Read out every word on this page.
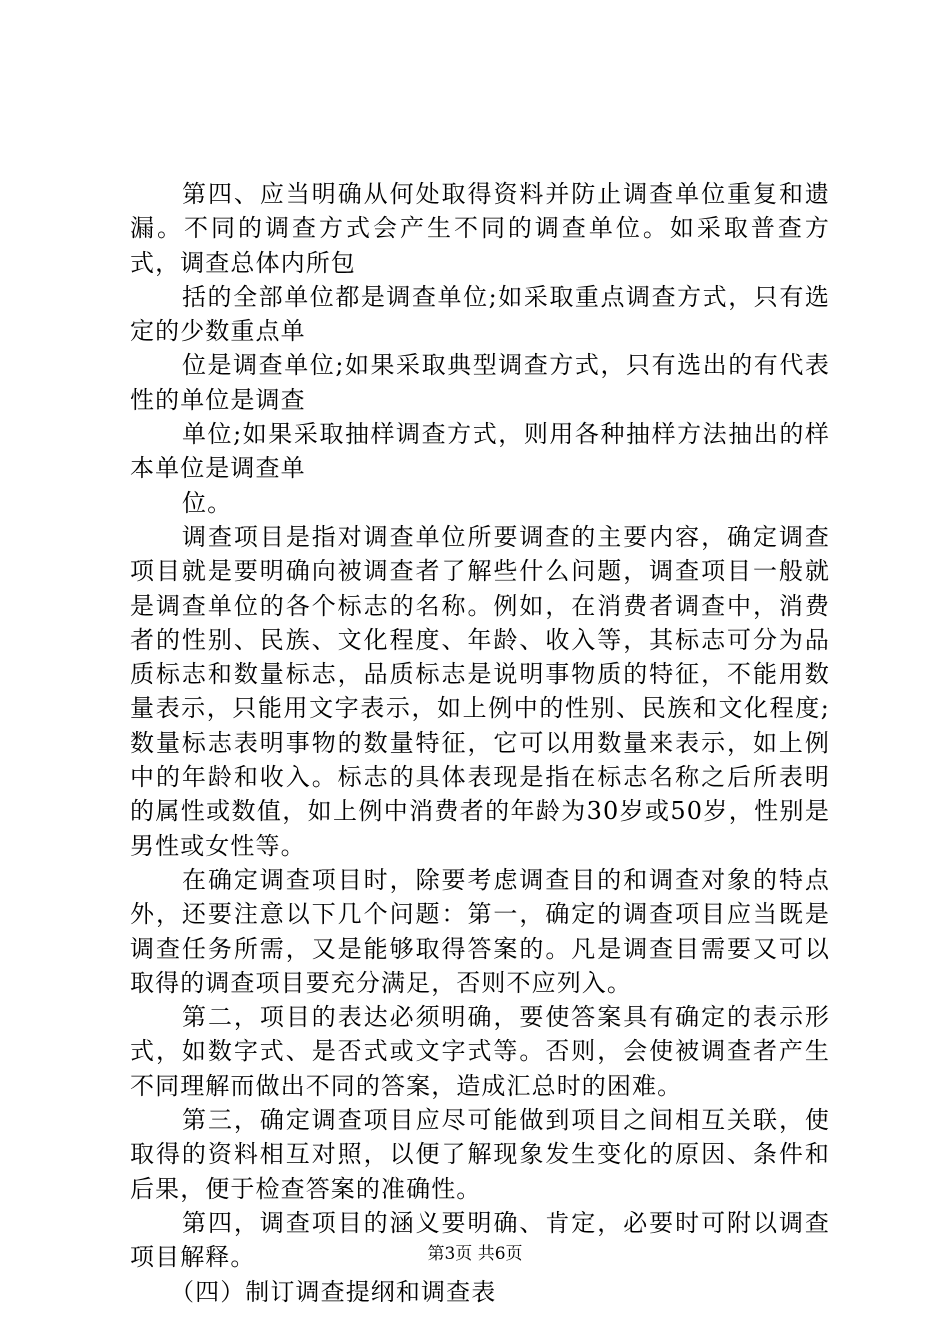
第四、应当明确从何处取得资料并防止调查单位重复和遗漏。不同的调查方式会产生不同的调查单位。如采取普查方式，调查总体内所包

括的全部单位都是调查单位;如采取重点调查方式，只有选定的少数重点单

位是调查单位;如果采取典型调查方式，只有选出的有代表性的单位是调查

单位;如果采取抽样调查方式，则用各种抽样方法抽出的样本单位是调查单

位。

调查项目是指对调查单位所要调查的主要内容，确定调查项目就是要明确向被调查者了解些什么问题，调查项目一般就是调查单位的各个标志的名称。例如，在消费者调查中，消费者的性别、民族、文化程度、年龄、收入等，其标志可分为品质标志和数量标志，品质标志是说明事物质的特征，不能用数量表示，只能用文字表示，如上例中的性别、民族和文化程度;数量标志表明事物的数量特征，它可以用数量来表示，如上例中的年龄和收入。标志的具体表现是指在标志名称之后所表明的属性或数值，如上例中消费者的年龄为30岁或50岁，性别是男性或女性等。

在确定调查项目时，除要考虑调查目的和调查对象的特点外，还要注意以下几个问题：第一，确定的调查项目应当既是调查任务所需，又是能够取得答案的。凡是调查目需要又可以取得的调查项目要充分满足，否则不应列入。

第二，项目的表达必须明确，要使答案具有确定的表示形式，如数字式、是否式或文字式等。否则，会使被调查者产生不同理解而做出不同的答案，造成汇总时的困难。

第三，确定调查项目应尽可能做到项目之间相互关联，使取得的资料相互对照，以便了解现象发生变化的原因、条件和后果，便于检查答案的准确性。

第四，调查项目的涵义要明确、肯定，必要时可附以调查项目解释。

（四）制订调查提纲和调查表

第3页 共6页
